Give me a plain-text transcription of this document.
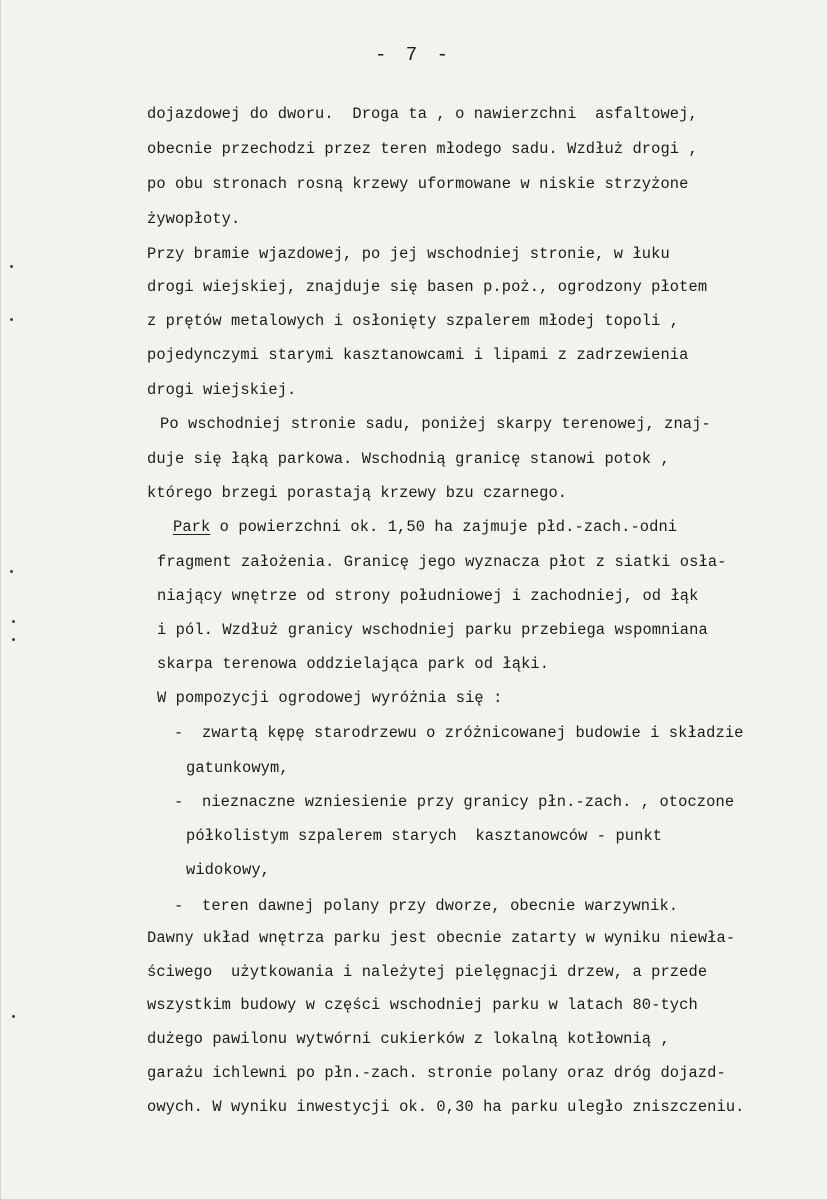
- 7 -
dojazdowej do dworu.  Droga ta , o nawierzchni  asfaltowej,
obecnie przechodzi przez teren młodego sadu. Wzdłuż drogi ,
po obu stronach rosną krzewy uformowane w niskie strzyżone
żywopłoty.
Przy bramie wjazdowej, po jej wschodniej stronie, w łuku
drogi wiejskiej, znajduje się basen p.poż., ogrodzony płotem
z prętów metalowych i osłonięty szpalerem młodej topoli ,
pojedynczymi starymi kasztanowcami i lipami z zadrzewienia
drogi wiejskiej.
Po wschodniej stronie sadu, poniżej skarpy terenowej, znaj-
duje się łąką parkowa. Wschodnią granicę stanowi potok ,
którego brzegi porastają krzewy bzu czarnego.
Park o powierzchni ok. 1,50 ha zajmuje płd.-zach.-odni
fragment założenia. Granicę jego wyznacza płot z siatki osła-
niający wnętrze od strony południowej i zachodniej, od łąk
i pól. Wzdłuż granicy wschodniej parku przebiega wspomniana
skarpa terenowa oddzielająca park od łąki.
W pompozycji ogrodowej wyróżnia się :
-  zwartą kępę starodrzewu o zróżnicowanej budowie i składzie
gatunkowym,
-  nieznaczne wzniesienie przy granicy płn.-zach. , otoczone
półkolistym szpalerem starych  kasztanowców - punkt
widokowy,
-  teren dawnej polany przy dworze, obecnie warzywnik.
Dawny układ wnętrza parku jest obecnie zatarty w wyniku niewła-
ściwego  użytkowania i należytej pielęgnacji drzew, a przede
wszystkim budowy w części wschodniej parku w latach 80-tych
dużego pawilonu wytwórni cukierków z lokalną kotłownią ,
garażu ichlewni po płn.-zach. stronie polany oraz dróg dojazd-
owych. W wyniku inwestycji ok. 0,30 ha parku uległo zniszczeniu.
